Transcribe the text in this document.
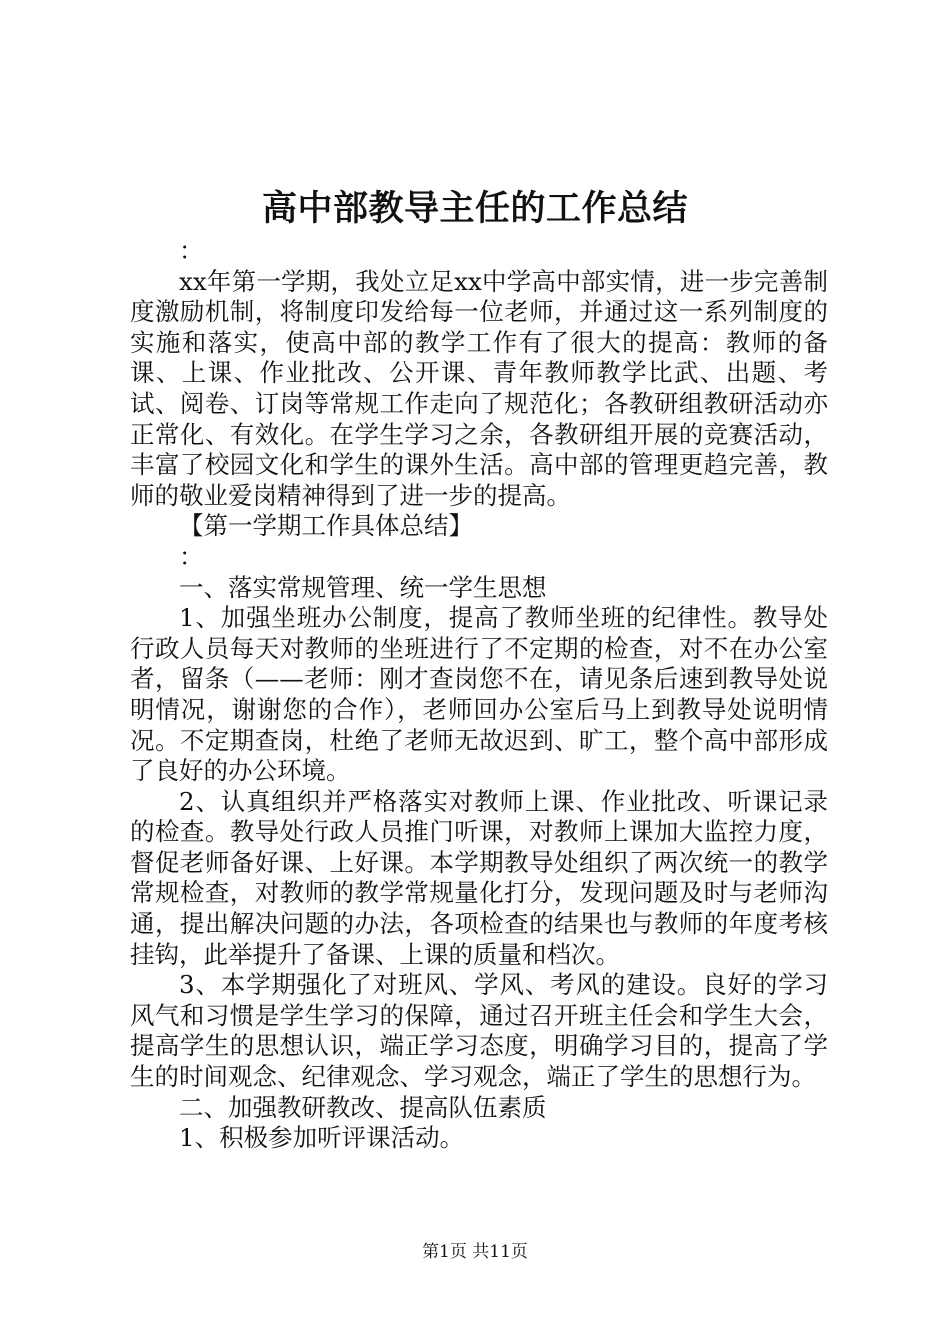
高中部教导主任的工作总结

：

xx年第一学期，我处立足xx中学高中部实情，进一步完善制度激励机制，将制度印发给每一位老师，并通过这一系列制度的实施和落实，使高中部的教学工作有了很大的提高：教师的备课、上课、作业批改、公开课、青年教师教学比武、出题、考试、阅卷、订岗等常规工作走向了规范化；各教研组教研活动亦正常化、有效化。在学生学习之余，各教研组开展的竞赛活动，丰富了校园文化和学生的课外生活。高中部的管理更趋完善，教师的敬业爱岗精神得到了进一步的提高。

【第一学期工作具体总结】

：

一、落实常规管理、统一学生思想

1、加强坐班办公制度，提高了教师坐班的纪律性。教导处行政人员每天对教师的坐班进行了不定期的检查，对不在办公室者，留条（——老师：刚才查岗您不在，请见条后速到教导处说明情况，谢谢您的合作），老师回办公室后马上到教导处说明情况。不定期查岗，杜绝了老师无故迟到、旷工，整个高中部形成了良好的办公环境。

2、认真组织并严格落实对教师上课、作业批改、听课记录的检查。教导处行政人员推门听课，对教师上课加大监控力度，督促老师备好课、上好课。本学期教导处组织了两次统一的教学常规检查，对教师的教学常规量化打分，发现问题及时与老师沟通，提出解决问题的办法，各项检查的结果也与教师的年度考核挂钩，此举提升了备课、上课的质量和档次。

3、本学期强化了对班风、学风、考风的建设。良好的学习风气和习惯是学生学习的保障，通过召开班主任会和学生大会，提高学生的思想认识，端正学习态度，明确学习目的，提高了学生的时间观念、纪律观念、学习观念，端正了学生的思想行为。

二、加强教研教改、提高队伍素质

1、积极参加听评课活动。

第1页 共11页
